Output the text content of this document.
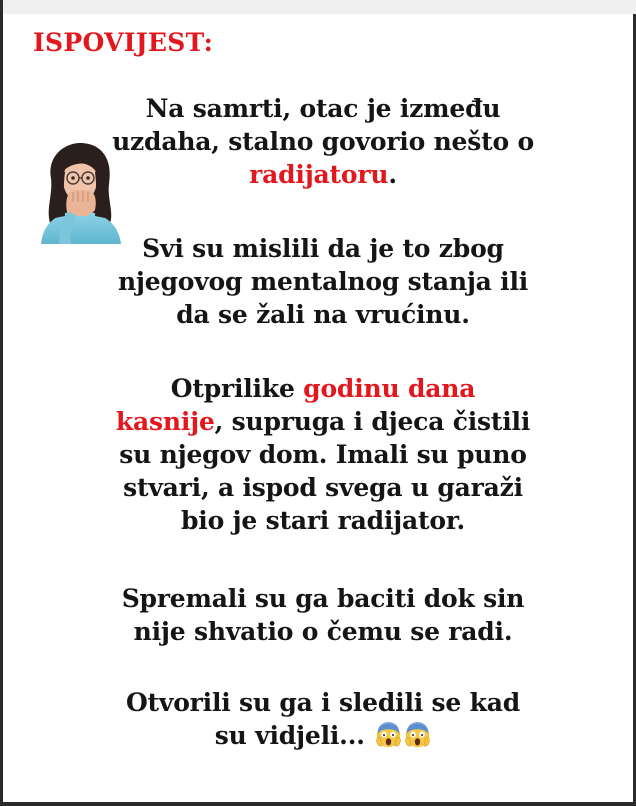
ISPOVIJEST:

Na samrti, otac je između
uzdaha, stalno govorio nešto o
radijatoru.

Svi su mislili da je to zbog
njegovog mentalnog stanja ili
da se žali na vrućinu.

Otprilike godinu dana
kasnije, supruga i djeca čistili
su njegov dom. Imali su puno
stvari, a ispod svega u garaži
bio je stari radijator.

Spremali su ga baciti dok sin
nije shvatio o čemu se radi.

Otvorili su ga i sledili se kad
su vidjeli...
